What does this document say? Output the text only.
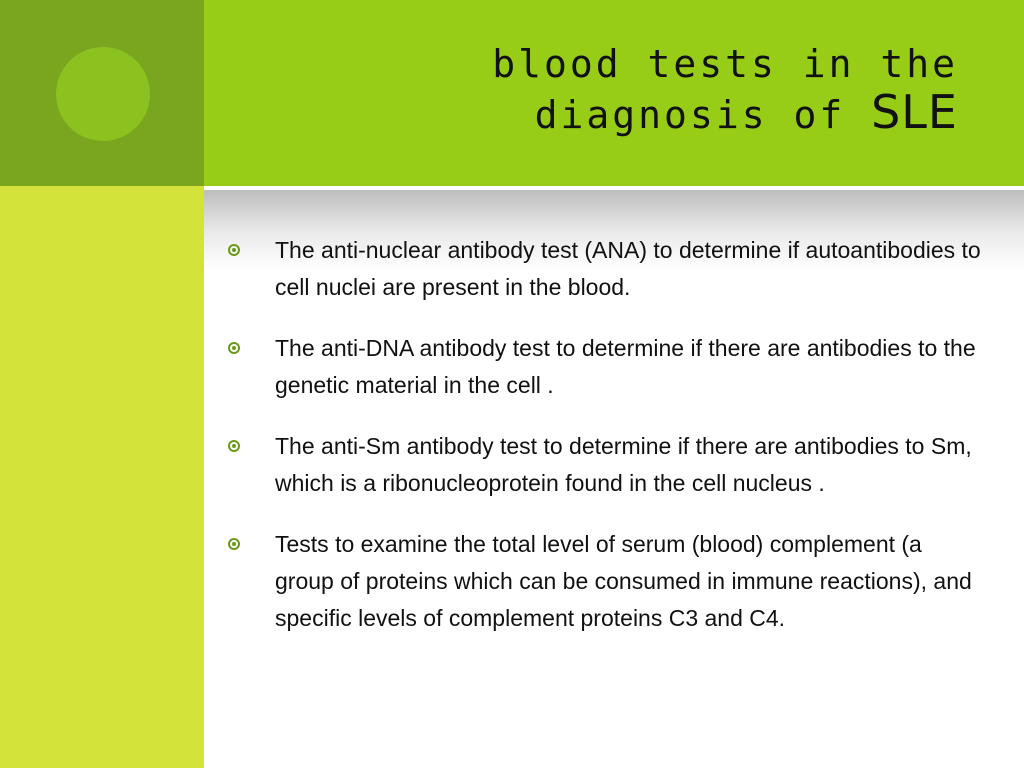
blood tests in the
diagnosis of SLE
The anti-nuclear antibody test (ANA) to determine if autoantibodies to cell nuclei are present in the blood.
The anti-DNA antibody test to determine if there are antibodies to the genetic material in the cell .
The anti-Sm antibody test to determine if there are antibodies to Sm, which is a ribonucleoprotein found in the cell nucleus .
Tests to examine the total level of serum (blood) complement (a group of proteins which can be consumed in immune reactions), and specific levels of complement proteins C3 and C4.
